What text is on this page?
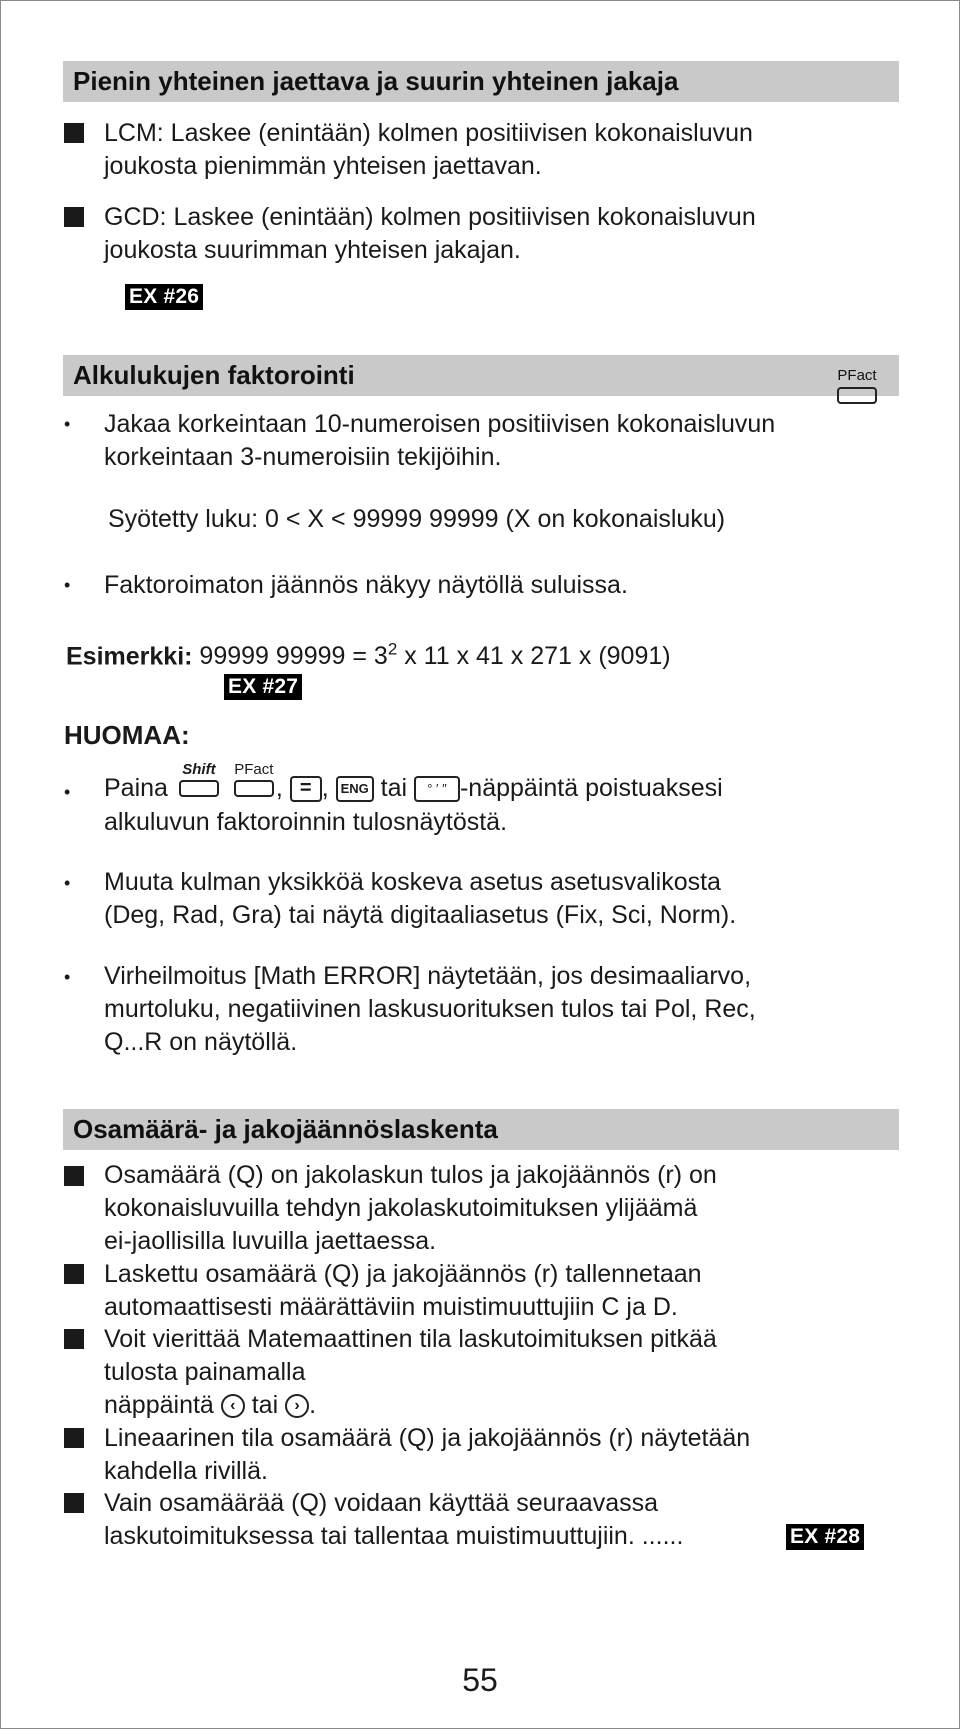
Pienin yhteinen jaettava ja suurin yhteinen jakaja
LCM: Laskee (enintään) kolmen positiivisen kokonaisluvun
joukosta pienimmän yhteisen jaettavan.
GCD: Laskee (enintään) kolmen positiivisen kokonaisluvun
joukosta suurimman yhteisen jakajan.
EX #26
Alkulukujen faktorointi	PFact
• Jakaa korkeintaan 10-numeroisen positiivisen kokonaisluvun
korkeintaan 3-numeroisiin tekijöihin.
Syötetty luku: 0 < X < 99999 99999 (X on kokonaisluku)
• Faktoroimaton jäännös näkyy näytöllä suluissa.
Esimerkki: 99999 $99999 = 3^2$ x 11 x 41 x 271 x (9091)
EX #27
HUOMAA:
• Paina
Shift
PFact
, = , ENG tai ° ′ ″ -näppäintä poistuaksesi
alkuluvun faktoroinnin tulosnäytöstä.
• Muuta kulman yksikköä koskeva asetus asetusvalikosta
(Deg, Rad, Gra) tai näytä digitaaliasetus (Fix, Sci, Norm).
• Virheilmoitus [Math ERROR] näytetään, jos desimaaliarvo,
murtoluku, negatiivinen laskusuorituksen tulos tai Pol, Rec,
Q...R on näytöllä.
Osamäärä- ja jakojäännöslaskenta
Osamäärä (Q) on jakolaskun tulos ja jakojäännös (r) on
kokonaisluvuilla tehdyn jakolaskutoimituksen ylijäämä
ei-jaollisilla luvuilla jaettaessa.
Laskettu osamäärä (Q) ja jakojäännös (r) tallennetaan
automaattisesti määrättäviin muistimuuttujiin C ja D.
Voit vierittää Matemaattinen tila laskutoimituksen pitkää
tulosta painamalla
näppäintä ‹ tai › .
Lineaarinen tila osamäärä (Q) ja jakojäännös (r) näytetään
kahdella rivillä.
Vain osamäärää (Q) voidaan käyttää seuraavassa
laskutoimituksessa tai tallentaa muistimuuttujiin. ......	EX #28
55
